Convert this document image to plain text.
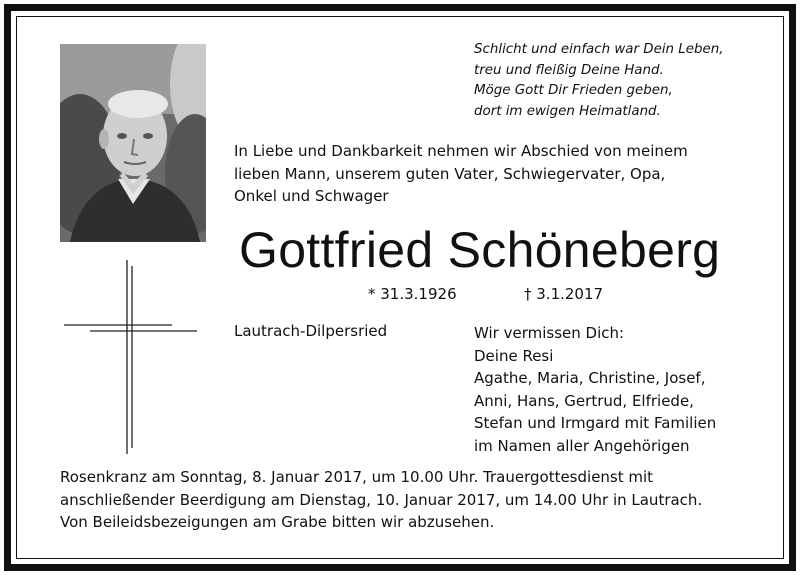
Schlicht und einfach war Dein Leben,
treu und fleißig Deine Hand.
Möge Gott Dir Frieden geben,
dort im ewigen Heimatland.
In Liebe und Dankbarkeit nehmen wir Abschied von meinem
lieben Mann, unserem guten Vater, Schwiegervater, Opa,
Onkel und Schwager
Gottfried Schöneberg
* 31.3.1926	† 3.1.2017
Lautrach-Dilpersried	Wir vermissen Dich:
Deine Resi
Agathe, Maria, Christine, Josef,
Anni, Hans, Gertrud, Elfriede,
Stefan und Irmgard mit Familien
im Namen aller Angehörigen
Rosenkranz am Sonntag, 8. Januar 2017, um 10.00 Uhr. Trauergottesdienst mit
anschließender Beerdigung am Dienstag, 10. Januar 2017, um 14.00 Uhr in Lautrach.
Von Beileidsbezeigungen am Grabe bitten wir abzusehen.
